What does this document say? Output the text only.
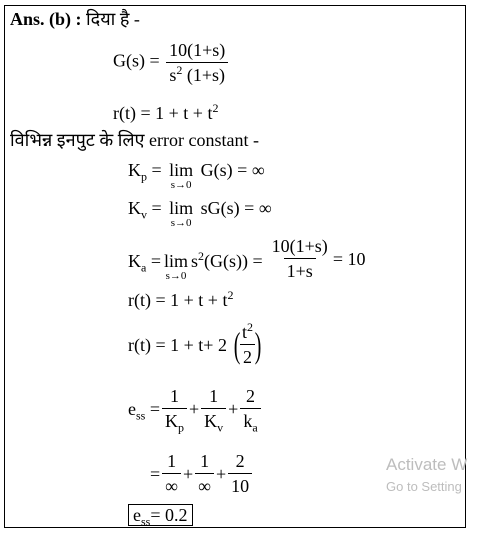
Ans. (b) : दिया है -
$G(s) = \frac{10(1+s)}{s^2 (1+s)}$
$r(t) = 1 + t + t^2$
विभिन्न इनपुट के लिए error constant -
$K_p = \lim$
s→0
G(s) = ∞
$K_v = \lim$
s→0
sG(s) = ∞
$K_a = \lim$
s→0
$s^2(G(s)) = \frac{10(1+s)}{1+s} = 10$
$r(t) = 1 + t + t^2$
r(t) = 1 + t+ 2 (
$\frac{t^2}{2}$
)
$e_{ss} = \frac{1}{K_p} + \frac{1}{K_v} + \frac{2}{k_a}$
= $\frac{1}{\infty} + \frac{1}{\infty} + \frac{2}{10}$
$e_{ss}= 0.2$
Activate W
Go to Setting
